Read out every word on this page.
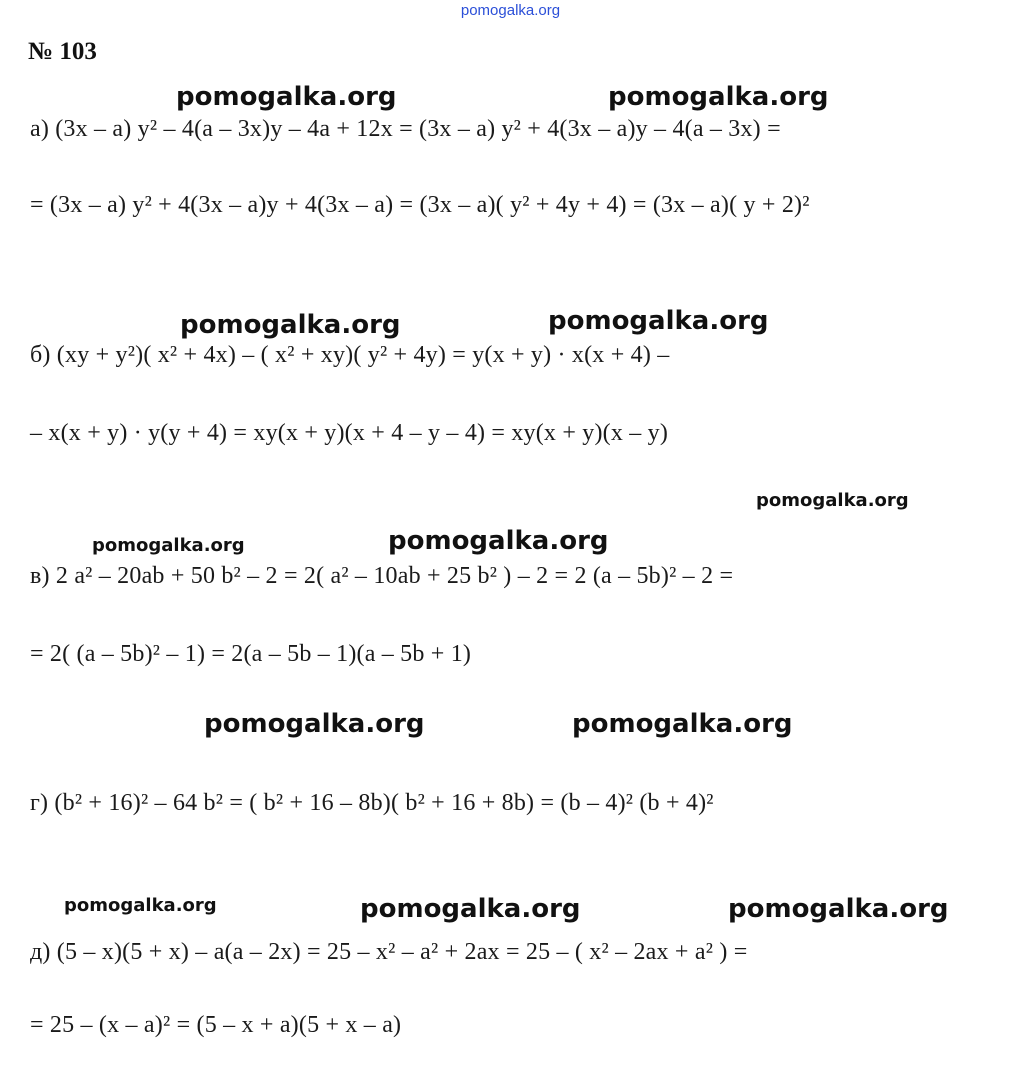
pomogalka.org
№ 103
pomogalka.org	pomogalka.org
pomogalka.org	pomogalka.org
pomogalka.org
pomogalka.org	pomogalka.org
pomogalka.org	pomogalka.org
pomogalka.org	pomogalka.org	pomogalka.org
а) (3x – a) y² – 4(a – 3x)y – 4a + 12x = (3x – a) y² + 4(3x – a)y – 4(a – 3x) =
= (3x – a) y² + 4(3x – a)y + 4(3x – a) = (3x – a)( y² + 4y + 4) = (3x – a)( y + 2)²
б) (xy + y²)( x² + 4x) – ( x² + xy)( y² + 4y) = y(x + y) · x(x + 4) –
– x(x + y) · y(y + 4) = xy(x + y)(x + 4 – y – 4) = xy(x + y)(x – y)
в) 2 a² – 20ab + 50 b² – 2 = 2( a² – 10ab + 25 b² ) – 2 = 2 (a – 5b)² – 2 =
= 2( (a – 5b)² – 1) = 2(a – 5b – 1)(a – 5b + 1)
г) (b² + 16)² – 64 b² = ( b² + 16 – 8b)( b² + 16 + 8b) = (b – 4)² (b + 4)²
д) (5 – x)(5 + x) – a(a – 2x) = 25 – x² – a² + 2ax = 25 – ( x² – 2ax + a² ) =
= 25 – (x – a)² = (5 – x + a)(5 + x – a)
